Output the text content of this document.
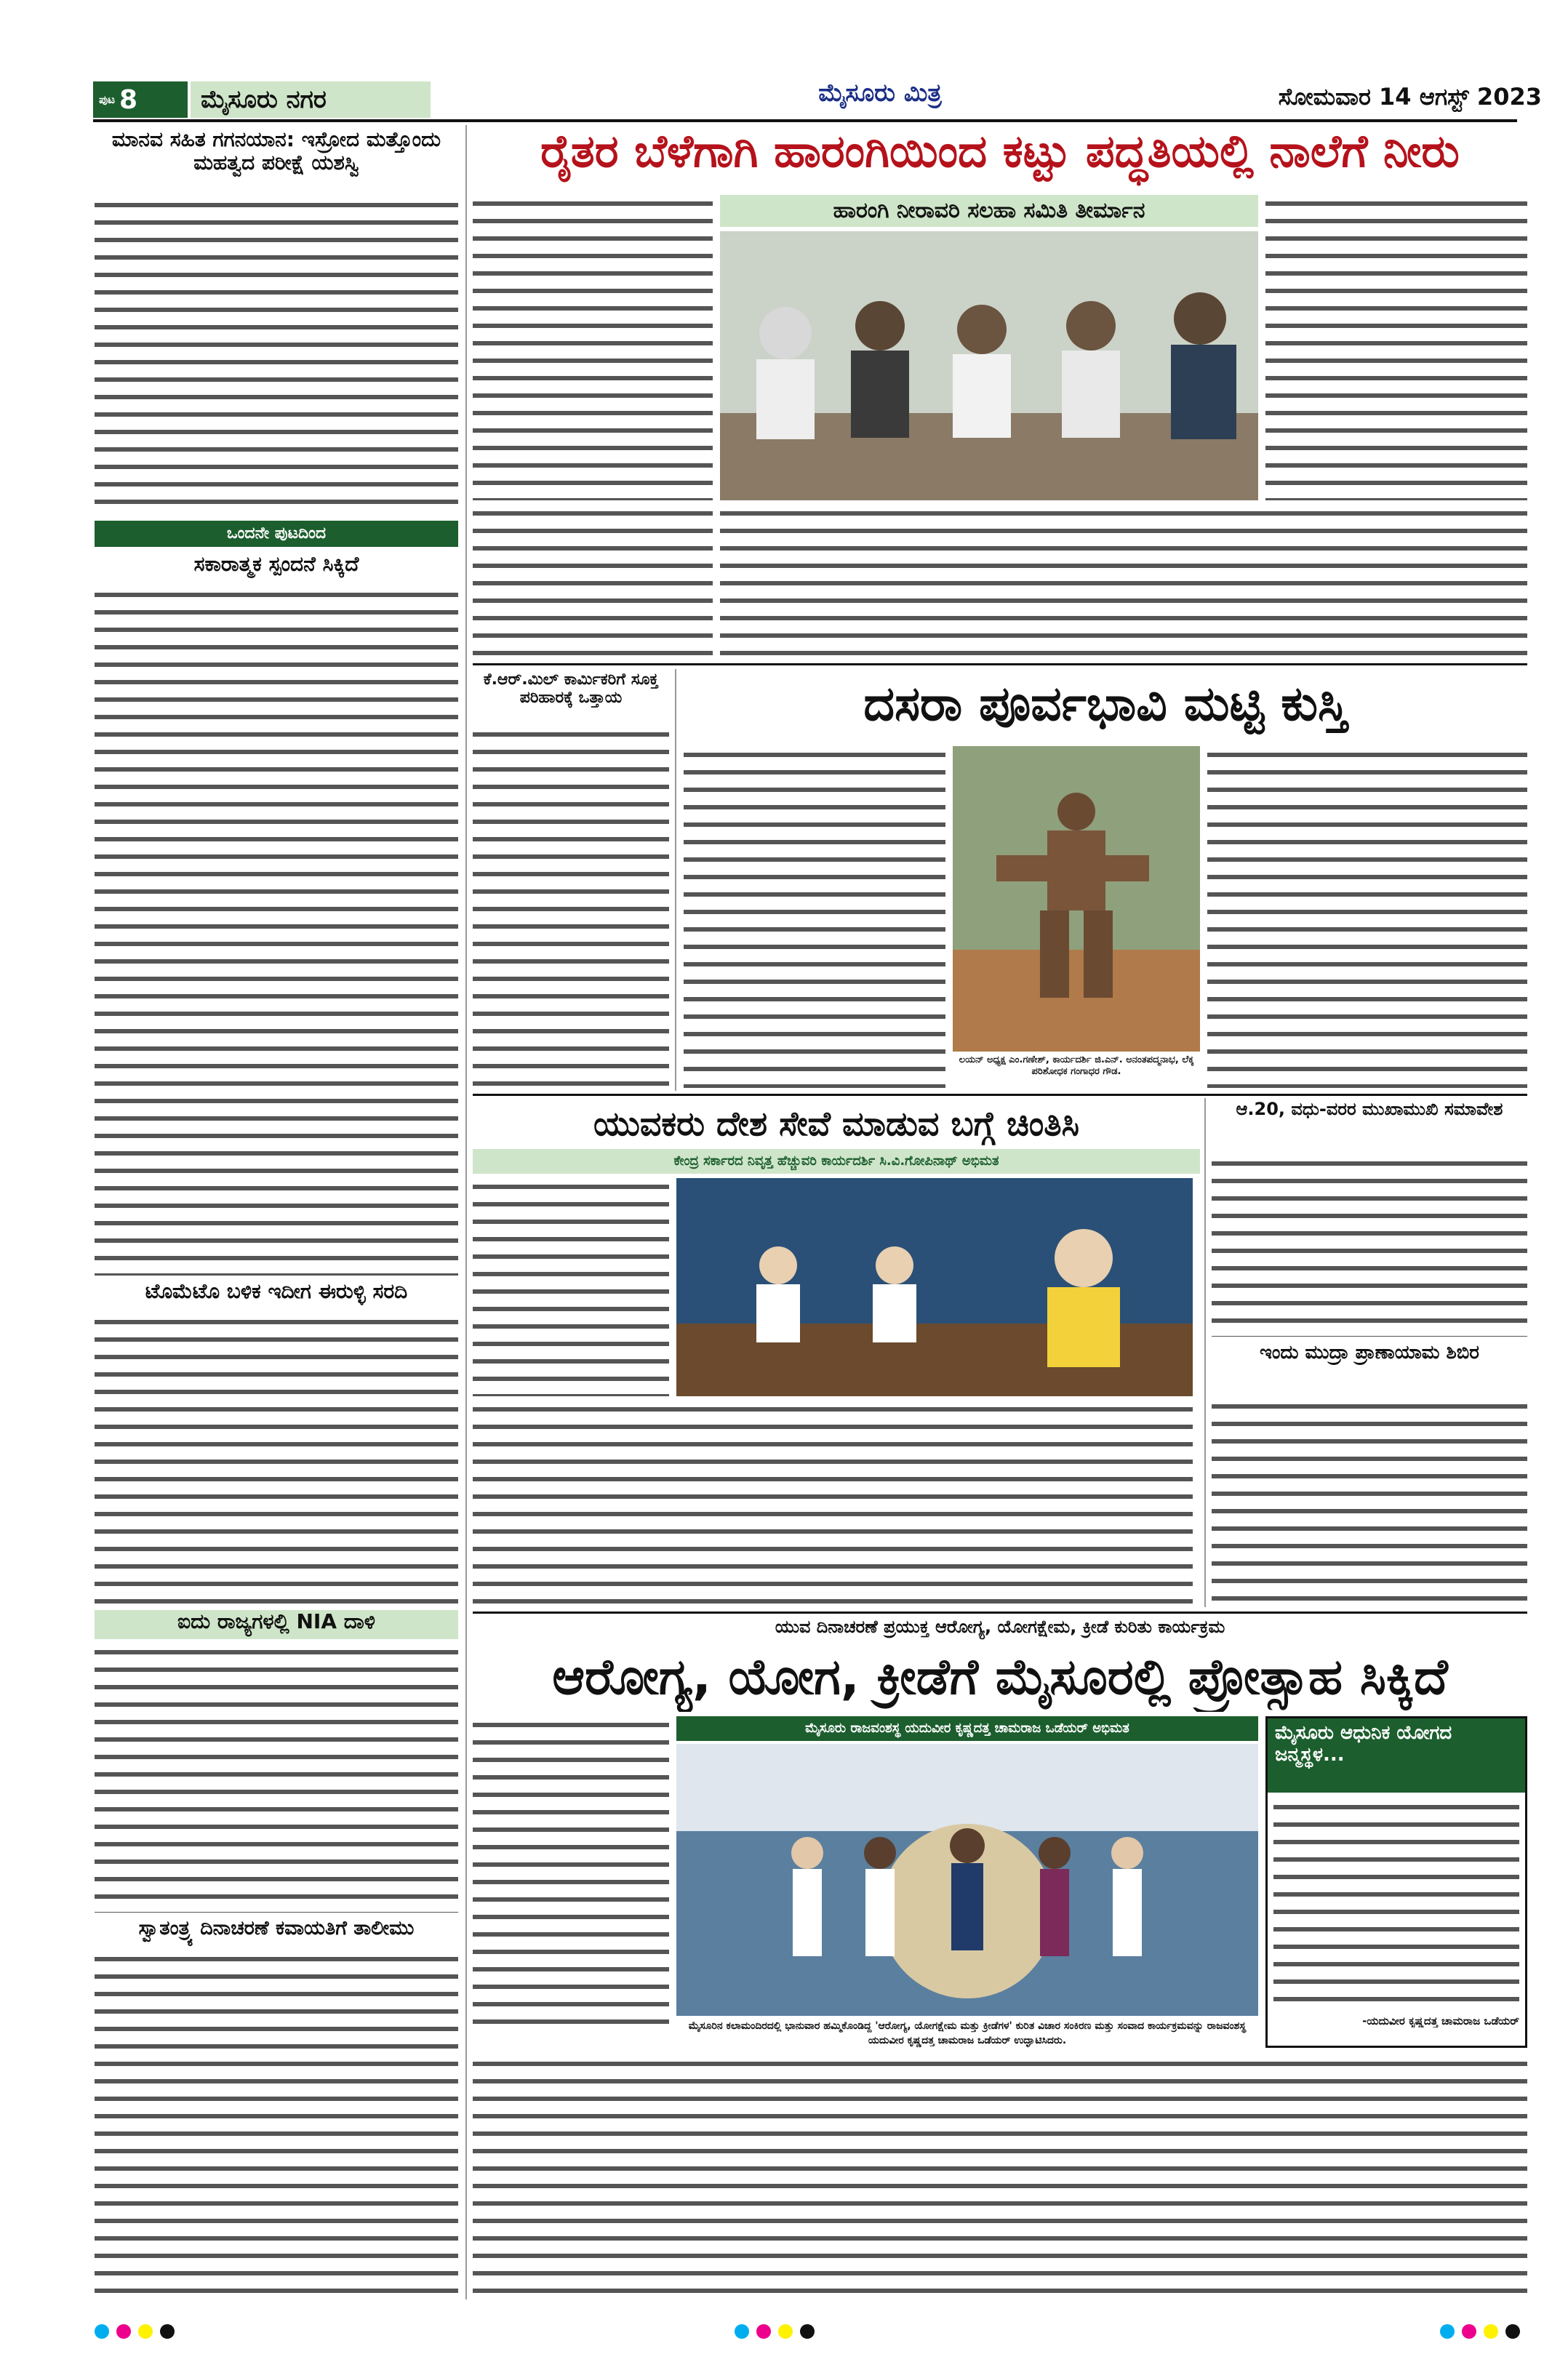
ಪುಟ 8	ಮೈಸೂರು ನಗರ	ಮೈಸೂರು ಮಿತ್ರ	ಸೋಮವಾರ 14 ಆಗಸ್ಟ್ 2023
ಮಾನವ ಸಹಿತ ಗಗನಯಾನ: ಇಸ್ರೋದ ಮತ್ತೊಂದು ಮಹತ್ವದ ಪರೀಕ್ಷೆ ಯಶಸ್ವಿ
ಒಂದನೇ ಪುಟದಿಂದ
ಸಕಾರಾತ್ಮಕ ಸ್ಪಂದನೆ ಸಿಕ್ಕಿದೆ
ಟೊಮೆಟೊ ಬಳಿಕ ಇದೀಗ ಈರುಳ್ಳಿ ಸರದಿ
ಐದು ರಾಜ್ಯಗಳಲ್ಲಿ NIA ದಾಳಿ
ಸ್ವಾತಂತ್ರ್ಯ ದಿನಾಚರಣೆ ಕವಾಯತಿಗೆ ತಾಲೀಮು
ರೈತರ ಬೆಳೆಗಾಗಿ ಹಾರಂಗಿಯಿಂದ ಕಟ್ಟು ಪದ್ಧತಿಯಲ್ಲಿ ನಾಲೆಗೆ ನೀರು
ಹಾರಂಗಿ ನೀರಾವರಿ ಸಲಹಾ ಸಮಿತಿ ತೀರ್ಮಾನ
ಕೆ.ಆರ್.ಮಿಲ್ ಕಾರ್ಮಿಕರಿಗೆ ಸೂಕ್ತ ಪರಿಹಾರಕ್ಕೆ ಒತ್ತಾಯ	ದಸರಾ ಪೂರ್ವಭಾವಿ ಮಟ್ಟಿ ಕುಸ್ತಿ
ಲಯನ್ ಅಧ್ಯಕ್ಷ ಎಂ.ಗಣೇಶ್, ಕಾರ್ಯದರ್ಶಿ ಜಿ.ಎನ್. ಅನಂತಪದ್ಮನಾಭ, ಲೆಕ್ಕ ಪರಿಶೋಧಕ ಗಂಗಾಧರ ಗೌಡ.
ಯುವಕರು ದೇಶ ಸೇವೆ ಮಾಡುವ ಬಗ್ಗೆ ಚಿಂತಿಸಿ
ಕೇಂದ್ರ ಸರ್ಕಾರದ ನಿವೃತ್ತ ಹೆಚ್ಚುವರಿ ಕಾರ್ಯದರ್ಶಿ ಸಿ.ವಿ.ಗೋಪಿನಾಥ್ ಅಭಿಮತ
ಆ.20, ವಧು-ವರರ ಮುಖಾಮುಖಿ ಸಮಾವೇಶ
ಇಂದು ಮುದ್ರಾ ಪ್ರಾಣಾಯಾಮ ಶಿಬಿರ
ಯುವ ದಿನಾಚರಣೆ ಪ್ರಯುಕ್ತ ಆರೋಗ್ಯ, ಯೋಗಕ್ಷೇಮ, ಕ್ರೀಡೆ ಕುರಿತು ಕಾರ್ಯಕ್ರಮ
ಆರೋಗ್ಯ, ಯೋಗ, ಕ್ರೀಡೆಗೆ ಮೈಸೂರಲ್ಲಿ ಪ್ರೋತ್ಸಾಹ ಸಿಕ್ಕಿದೆ
ಮೈಸೂರು ರಾಜವಂಶಸ್ಥ ಯದುವೀರ ಕೃಷ್ಣದತ್ತ ಚಾಮರಾಜ ಒಡೆಯರ್ ಅಭಿಮತ
ಮೈಸೂರಿನ ಕಲಾಮಂದಿರದಲ್ಲಿ ಭಾನುವಾರ ಹಮ್ಮಿಕೊಂಡಿದ್ದ 'ಆರೋಗ್ಯ, ಯೋಗಕ್ಷೇಮ ಮತ್ತು ಕ್ರೀಡೆಗಳ' ಕುರಿತ ವಿಚಾರ ಸಂಕಿರಣ ಮತ್ತು ಸಂವಾದ ಕಾರ್ಯಕ್ರಮವನ್ನು ರಾಜವಂಶಸ್ಥ ಯದುವೀರ ಕೃಷ್ಣದತ್ತ ಚಾಮರಾಜ ಒಡೆಯರ್ ಉದ್ಘಾಟಿಸಿದರು.
ಮೈಸೂರು ಆಧುನಿಕ ಯೋಗದ ಜನ್ಮಸ್ಥಳ...
-ಯದುವೀರ ಕೃಷ್ಣದತ್ತ ಚಾಮರಾಜ ಒಡೆಯರ್
